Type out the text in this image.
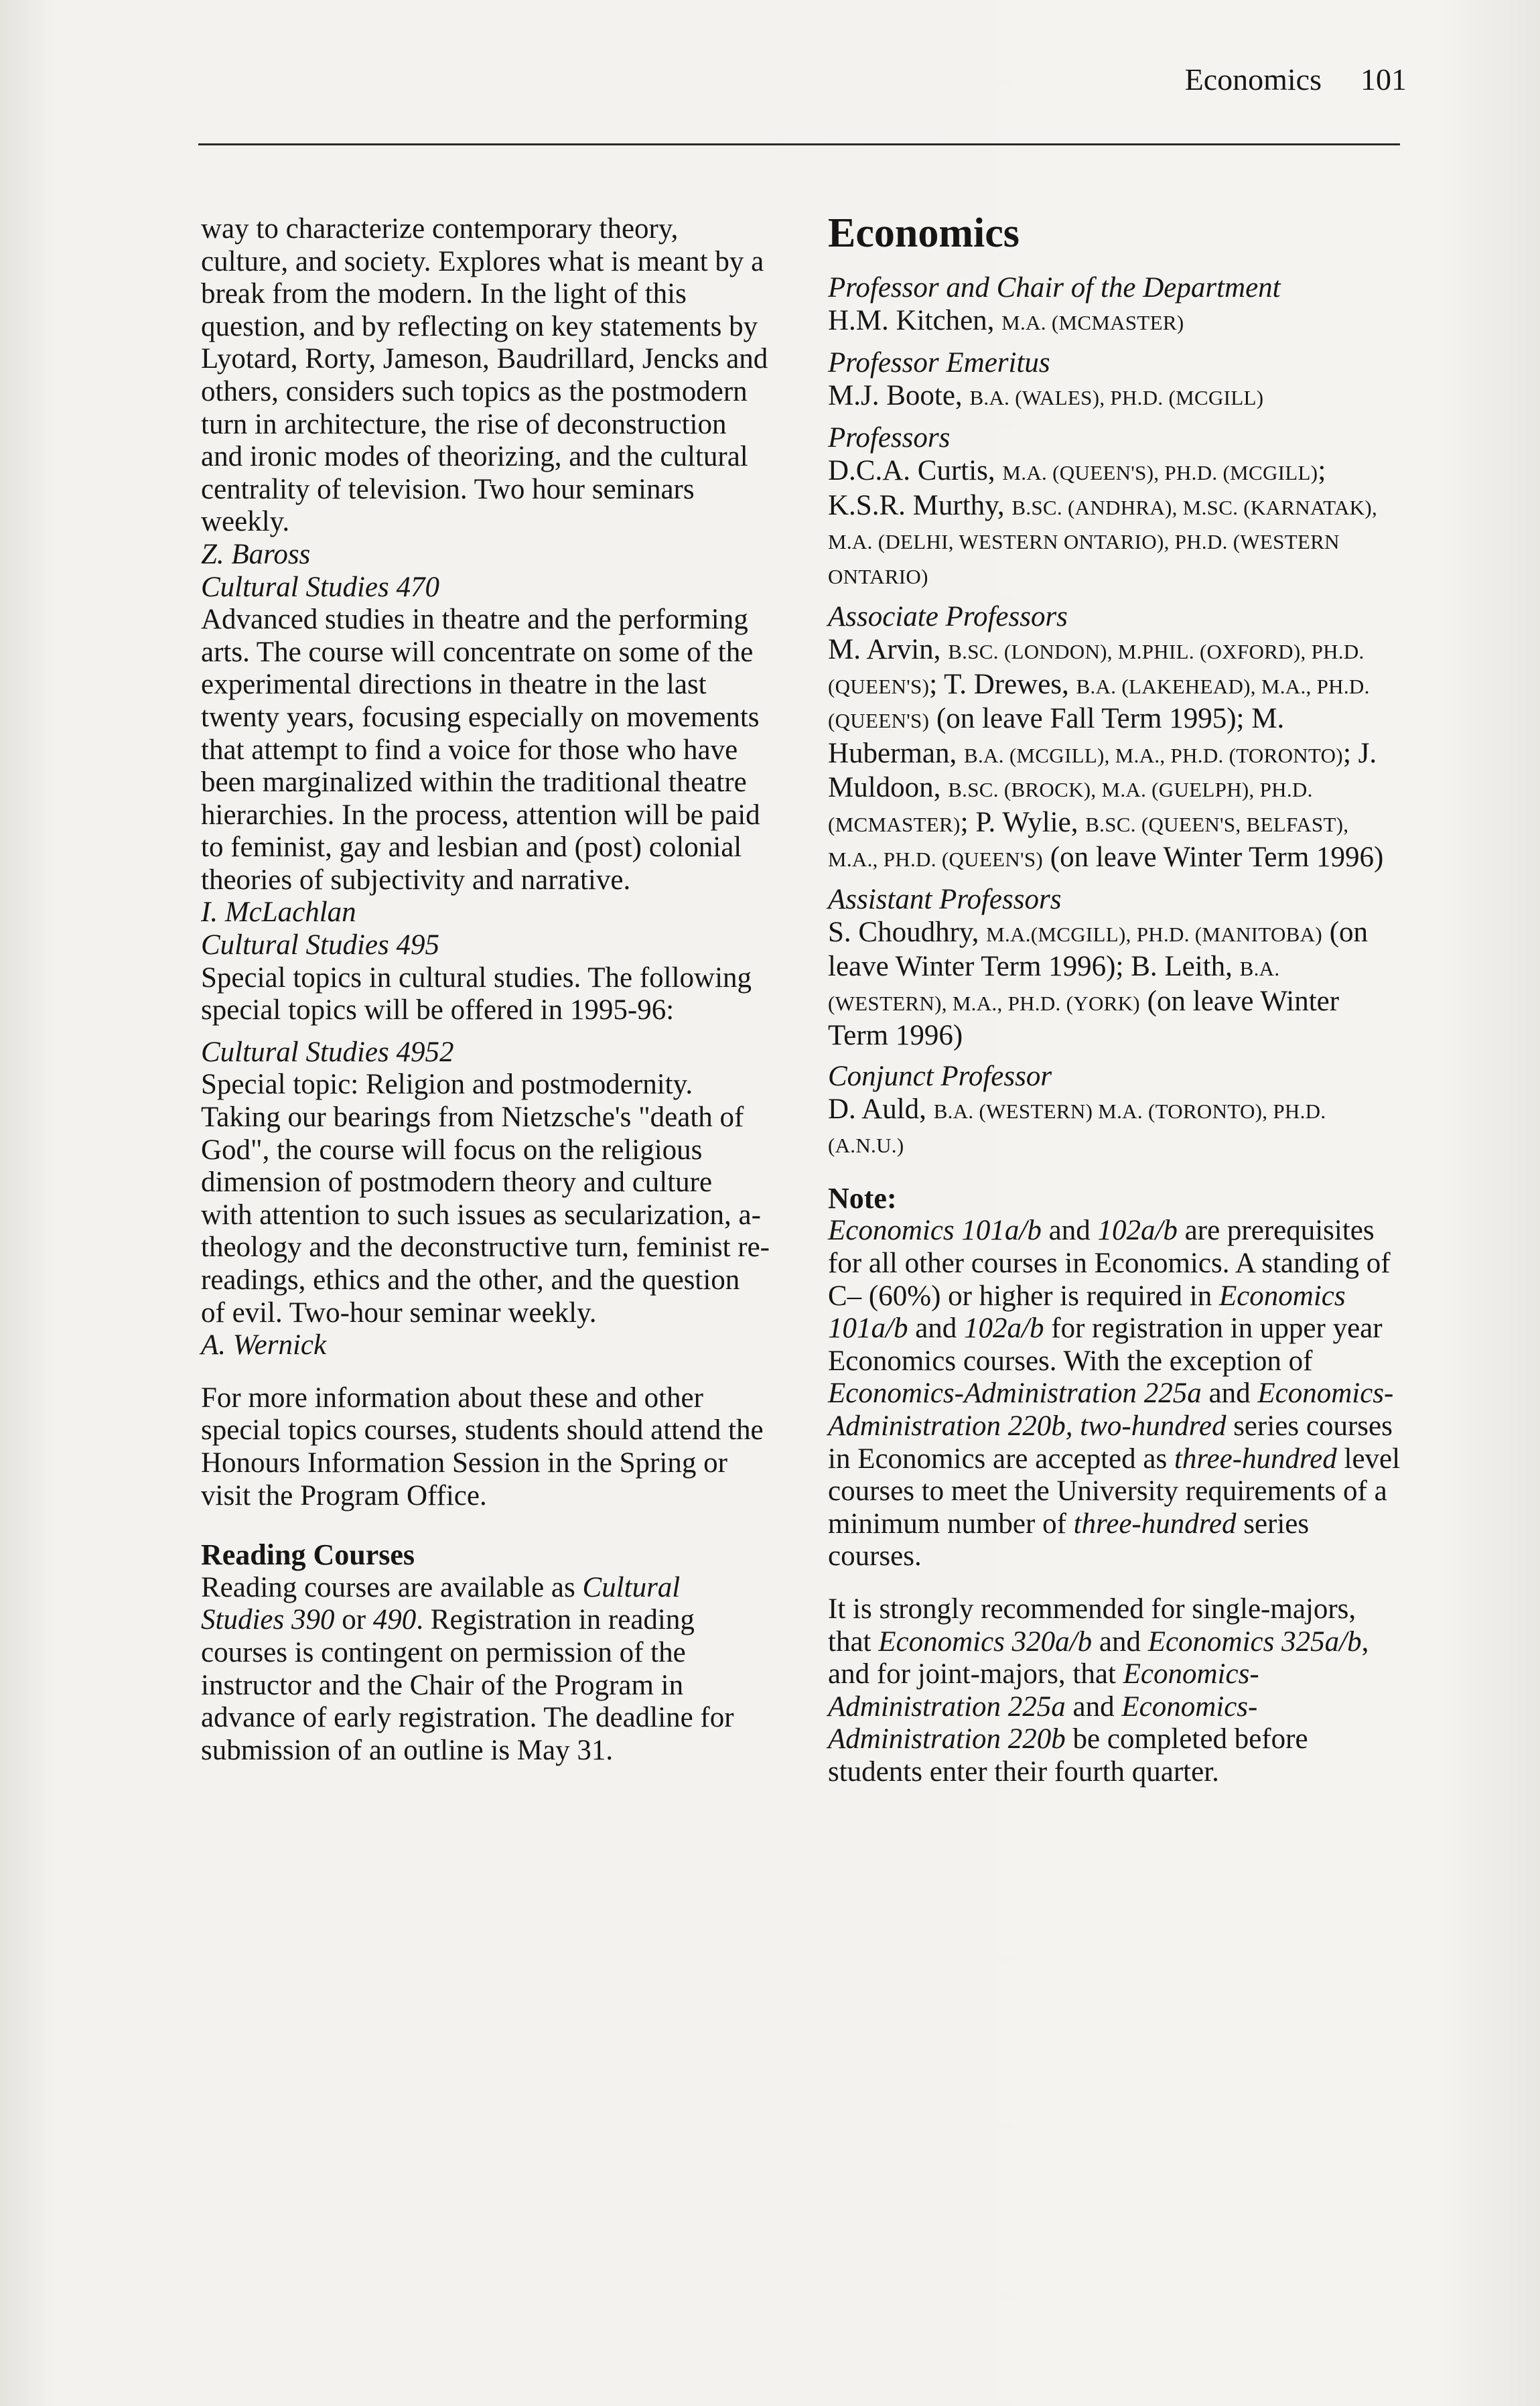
Economics 101

way to characterize contemporary theory, culture, and society. Explores what is meant by a break from the modern. In the light of this question, and by reflecting on key statements by Lyotard, Rorty, Jameson, Baudrillard, Jencks and others, considers such topics as the postmodern turn in architecture, the rise of deconstruction and ironic modes of theorizing, and the cultural centrality of television. Two hour seminars weekly.

Z. Baross

Cultural Studies 470

Advanced studies in theatre and the performing arts. The course will concentrate on some of the experimental directions in theatre in the last twenty years, focusing especially on movements that attempt to find a voice for those who have been marginalized within the traditional theatre hierarchies. In the process, attention will be paid to feminist, gay and lesbian and (post) colonial theories of subjectivity and narrative.

I. McLachlan

Cultural Studies 495

Special topics in cultural studies. The following special topics will be offered in 1995-96:

Cultural Studies 4952

Special topic: Religion and postmodernity. Taking our bearings from Nietzsche's "death of God", the course will focus on the religious dimension of postmodern theory and culture with attention to such issues as secularization, a-theology and the deconstructive turn, feminist re-readings, ethics and the other, and the question of evil. Two-hour seminar weekly.

A. Wernick

For more information about these and other special topics courses, students should attend the Honours Information Session in the Spring or visit the Program Office.

Reading Courses

Reading courses are available as Cultural Studies 390 or 490. Registration in reading courses is contingent on permission of the instructor and the Chair of the Program in advance of early registration. The deadline for submission of an outline is May 31.

Economics

Professor and Chair of the Department

H.M. Kitchen, M.A. (MCMASTER)

Professor Emeritus

M.J. Boote, B.A. (WALES), PH.D. (MCGILL)

Professors

D.C.A. Curtis, M.A. (QUEEN'S), PH.D. (MCGILL); K.S.R. Murthy, B.SC. (ANDHRA), M.SC. (KARNATAK), M.A. (DELHI, WESTERN ONTARIO), PH.D. (WESTERN ONTARIO)

Associate Professors

M. Arvin, B.SC. (LONDON), M.PHIL. (OXFORD), PH.D. (QUEEN'S); T. Drewes, B.A. (LAKEHEAD), M.A., PH.D. (QUEEN'S) (on leave Fall Term 1995); M. Huberman, B.A. (MCGILL), M.A., PH.D. (TORONTO); J. Muldoon, B.SC. (BROCK), M.A. (GUELPH), PH.D. (MCMASTER); P. Wylie, B.SC. (QUEEN'S, BELFAST), M.A., PH.D. (QUEEN'S) (on leave Winter Term 1996)

Assistant Professors

S. Choudhry, M.A.(MCGILL), PH.D. (MANITOBA) (on leave Winter Term 1996); B. Leith, B.A. (WESTERN), M.A., PH.D. (YORK) (on leave Winter Term 1996)

Conjunct Professor

D. Auld, B.A. (WESTERN) M.A. (TORONTO), PH.D. (A.N.U.)

Note:

Economics 101a/b and 102a/b are prerequisites for all other courses in Economics. A standing of C– (60%) or higher is required in Economics 101a/b and 102a/b for registration in upper year Economics courses. With the exception of Economics-Administration 225a and Economics-Administration 220b, two-hundred series courses in Economics are accepted as three-hundred level courses to meet the University requirements of a minimum number of three-hundred series courses.

It is strongly recommended for single-majors, that Economics 320a/b and Economics 325a/b, and for joint-majors, that Economics-Administration 225a and Economics-Administration 220b be completed before students enter their fourth quarter.
